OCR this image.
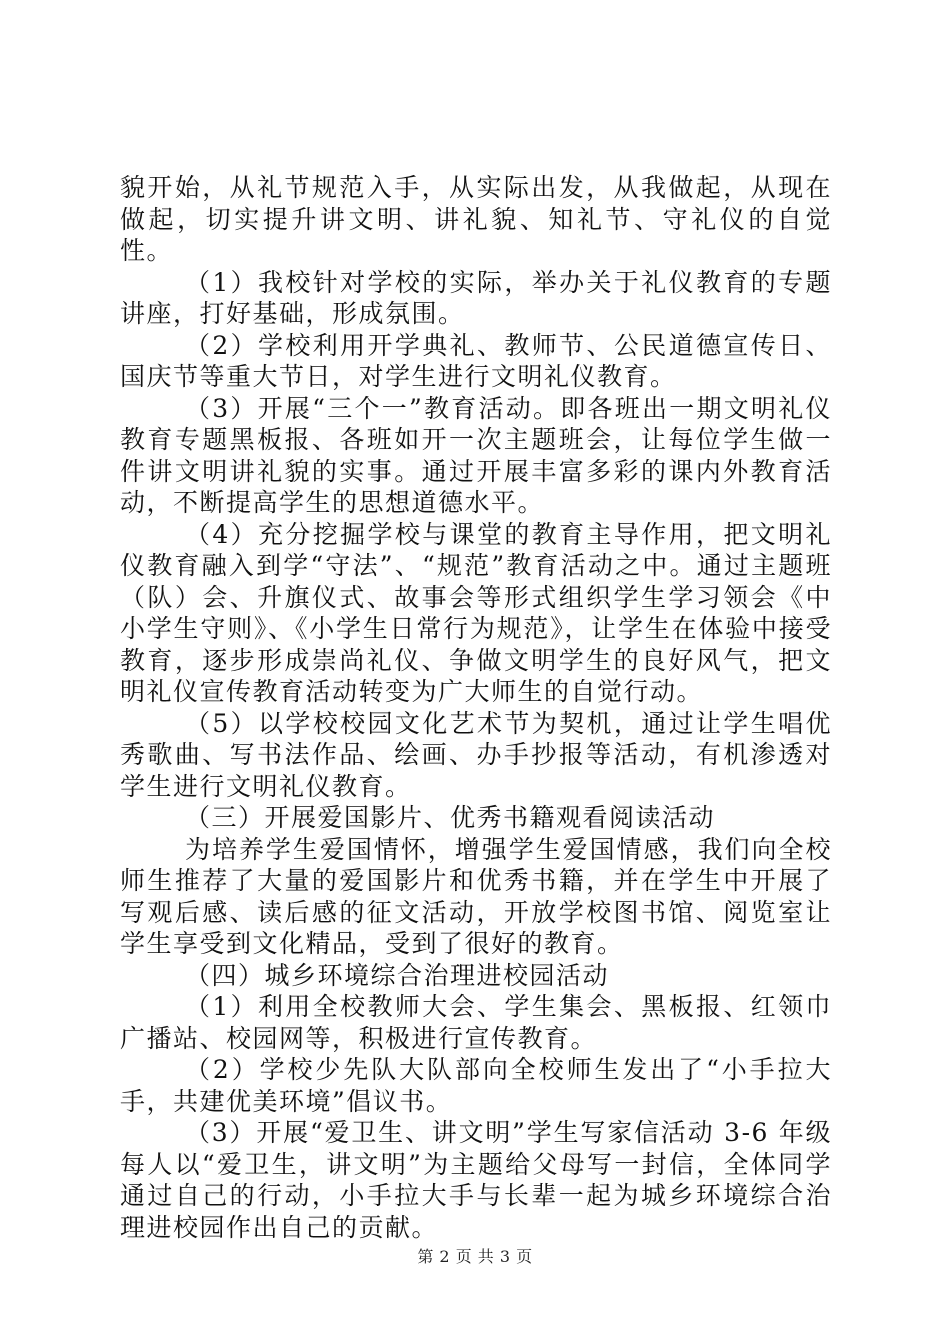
貌开始，从礼节规范入手，从实际出发，从我做起，从现在做起，切实提升讲文明、讲礼貌、知礼节、守礼仪的自觉性。

（1）我校针对学校的实际，举办关于礼仪教育的专题讲座，打好基础，形成氛围。

（2）学校利用开学典礼、教师节、公民道德宣传日、国庆节等重大节日，对学生进行文明礼仪教育。

（3）开展“三个一”教育活动。即各班出一期文明礼仪教育专题黑板报、各班如开一次主题班会，让每位学生做一件讲文明讲礼貌的实事。通过开展丰富多彩的课内外教育活动，不断提高学生的思想道德水平。

（4）充分挖掘学校与课堂的教育主导作用，把文明礼仪教育融入到学“守法”、“规范”教育活动之中。通过主题班（队）会、升旗仪式、故事会等形式组织学生学习领会《中小学生守则》、《小学生日常行为规范》，让学生在体验中接受教育，逐步形成崇尚礼仪、争做文明学生的良好风气，把文明礼仪宣传教育活动转变为广大师生的自觉行动。

（5）以学校校园文化艺术节为契机，通过让学生唱优秀歌曲、写书法作品、绘画、办手抄报等活动，有机渗透对学生进行文明礼仪教育。

（三）开展爱国影片、优秀书籍观看阅读活动

为培养学生爱国情怀，增强学生爱国情感，我们向全校师生推荐了大量的爱国影片和优秀书籍，并在学生中开展了写观后感、读后感的征文活动，开放学校图书馆、阅览室让学生享受到文化精品，受到了很好的教育。

（四）城乡环境综合治理进校园活动

（1）利用全校教师大会、学生集会、黑板报、红领巾广播站、校园网等，积极进行宣传教育。

（2）学校少先队大队部向全校师生发出了“小手拉大手，共建优美环境”倡议书。

（3）开展“爱卫生、讲文明”学生写家信活动 3-6 年级每人以“爱卫生，讲文明”为主题给父母写一封信，全体同学通过自己的行动，小手拉大手与长辈一起为城乡环境综合治理进校园作出自己的贡献。

第 2 页 共 3 页
